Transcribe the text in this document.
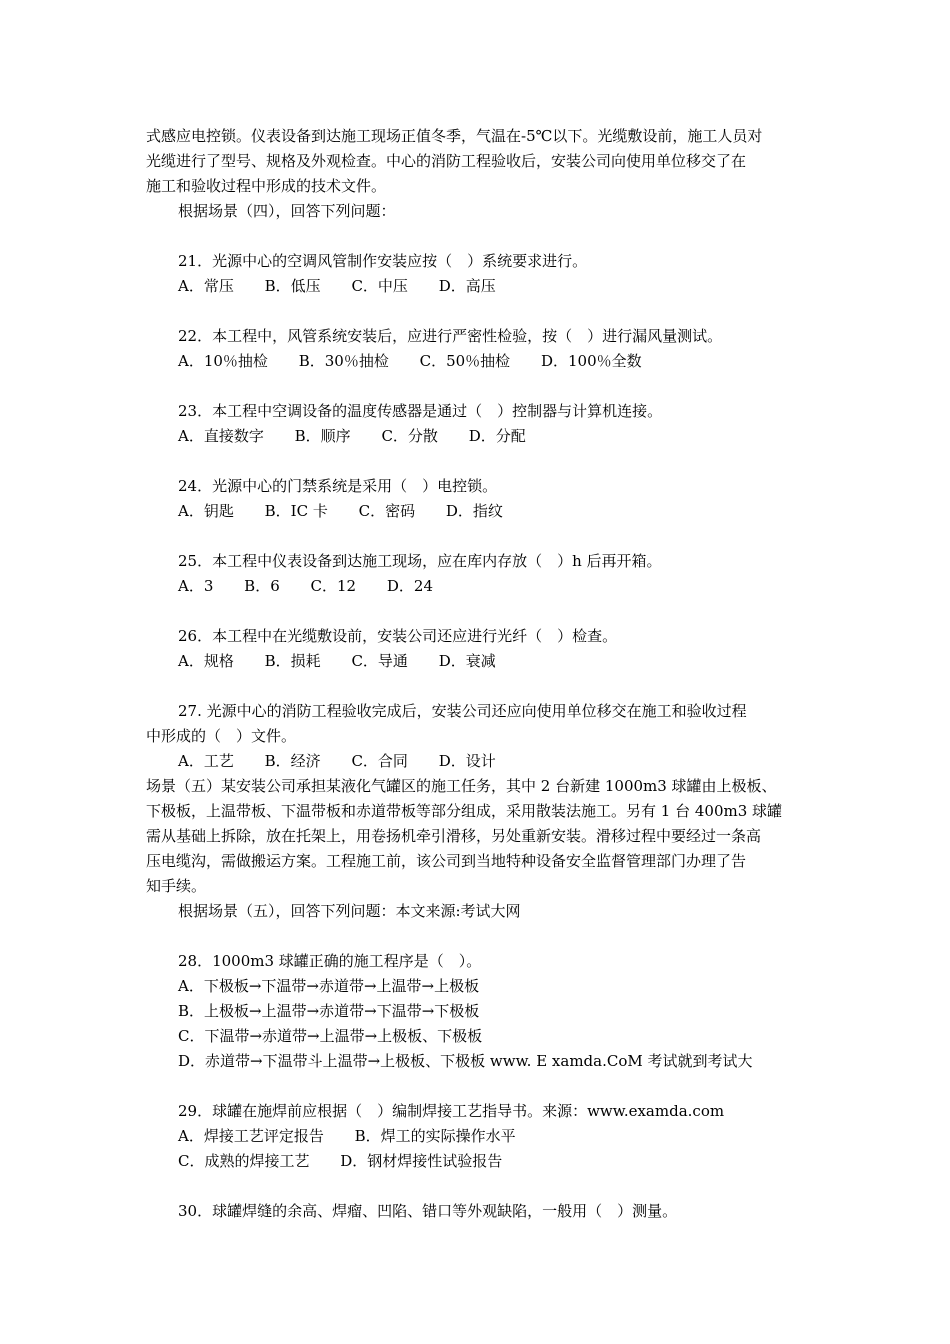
式感应电控锁。仪表设备到达施工现场正值冬季，气温在-5℃以下。光缆敷设前，施工人员对
光缆进行了型号、规格及外观检查。中心的消防工程验收后，安装公司向使用单位移交了在
施工和验收过程中形成的技术文件。
根据场景（四），回答下列问题：
21．光源中心的空调风管制作安装应按（　）系统要求进行。
A．常压 B．低压 C．中压 D．高压
22．本工程中，风管系统安装后，应进行严密性检验，按（　）进行漏风量测试。
A．10％抽检 B．30％抽检 C．50％抽检 D．100％全数
23．本工程中空调设备的温度传感器是通过（　）控制器与计算机连接。
A．直接数字 B．顺序 C．分散 D．分配
24．光源中心的门禁系统是采用（　）电控锁。
A．钥匙 B．IC 卡 C．密码 D．指纹
25．本工程中仪表设备到达施工现场，应在库内存放（　）h 后再开箱。
A．3 B．6 C．12 D．24
26．本工程中在光缆敷设前，安装公司还应进行光纤（　）检查。
A．规格 B．损耗 C．导通 D．衰减
27. 光源中心的消防工程验收完成后，安装公司还应向使用单位移交在施工和验收过程
中形成的（　）文件。
A．工艺 B．经济 C．合同 D．设计
场景（五）某安装公司承担某液化气罐区的施工任务，其中 2 台新建 1000m3 球罐由上极板、
下极板，上温带板、下温带板和赤道带板等部分组成，采用散装法施工。另有 1 台 400m3 球罐
需从基础上拆除，放在托架上，用卷扬机牵引滑移，另处重新安装。滑移过程中要经过一条高
压电缆沟，需做搬运方案。工程施工前，该公司到当地特种设备安全监督管理部门办理了告
知手续。
根据场景（五），回答下列问题：本文来源:考试大网
28．1000m3 球罐正确的施工程序是（　）。
A．下极板→下温带→赤道带→上温带→上极板
B．上极板→上温带→赤道带→下温带→下极板
C．下温带→赤道带→上温带→上极板、下极板
D．赤道带→下温带斗上温带→上极板、下极板 www. E xamda.CoM 考试就到考试大
29．球罐在施焊前应根据（　）编制焊接工艺指导书。来源：www.examda.com
A．焊接工艺评定报告 B．焊工的实际操作水平
C．成熟的焊接工艺 D．钢材焊接性试验报告
30．球罐焊缝的余高、焊瘤、凹陷、错口等外观缺陷，一般用（　）测量。
